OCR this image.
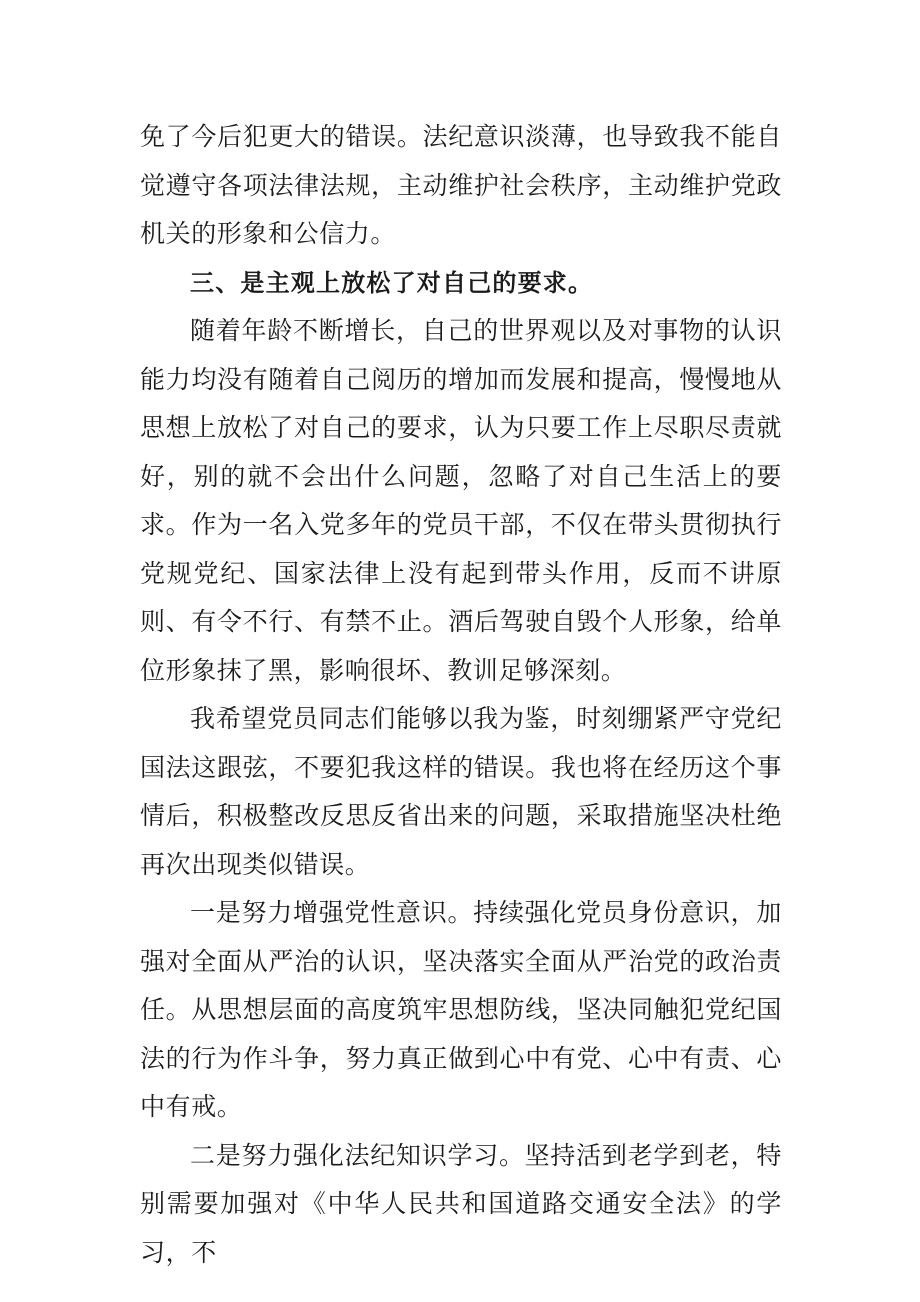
免了今后犯更大的错误。法纪意识淡薄，也导致我不能自觉遵守各项法律法规，主动维护社会秩序，主动维护党政机关的形象和公信力。

三、是主观上放松了对自己的要求。

随着年龄不断增长，自己的世界观以及对事物的认识能力均没有随着自己阅历的增加而发展和提高，慢慢地从思想上放松了对自己的要求，认为只要工作上尽职尽责就好，别的就不会出什么问题，忽略了对自己生活上的要求。作为一名入党多年的党员干部，不仅在带头贯彻执行党规党纪、国家法律上没有起到带头作用，反而不讲原则、有令不行、有禁不止。酒后驾驶自毁个人形象，给单位形象抹了黑，影响很坏、教训足够深刻。

我希望党员同志们能够以我为鉴，时刻绷紧严守党纪国法这跟弦，不要犯我这样的错误。我也将在经历这个事情后，积极整改反思反省出来的问题，采取措施坚决杜绝再次出现类似错误。

一是努力增强党性意识。持续强化党员身份意识，加强对全面从严治的认识，坚决落实全面从严治党的政治责任。从思想层面的高度筑牢思想防线，坚决同触犯党纪国法的行为作斗争，努力真正做到心中有党、心中有责、心中有戒。

二是努力强化法纪知识学习。坚持活到老学到老，特别需要加强对《中华人民共和国道路交通安全法》的学习，不
